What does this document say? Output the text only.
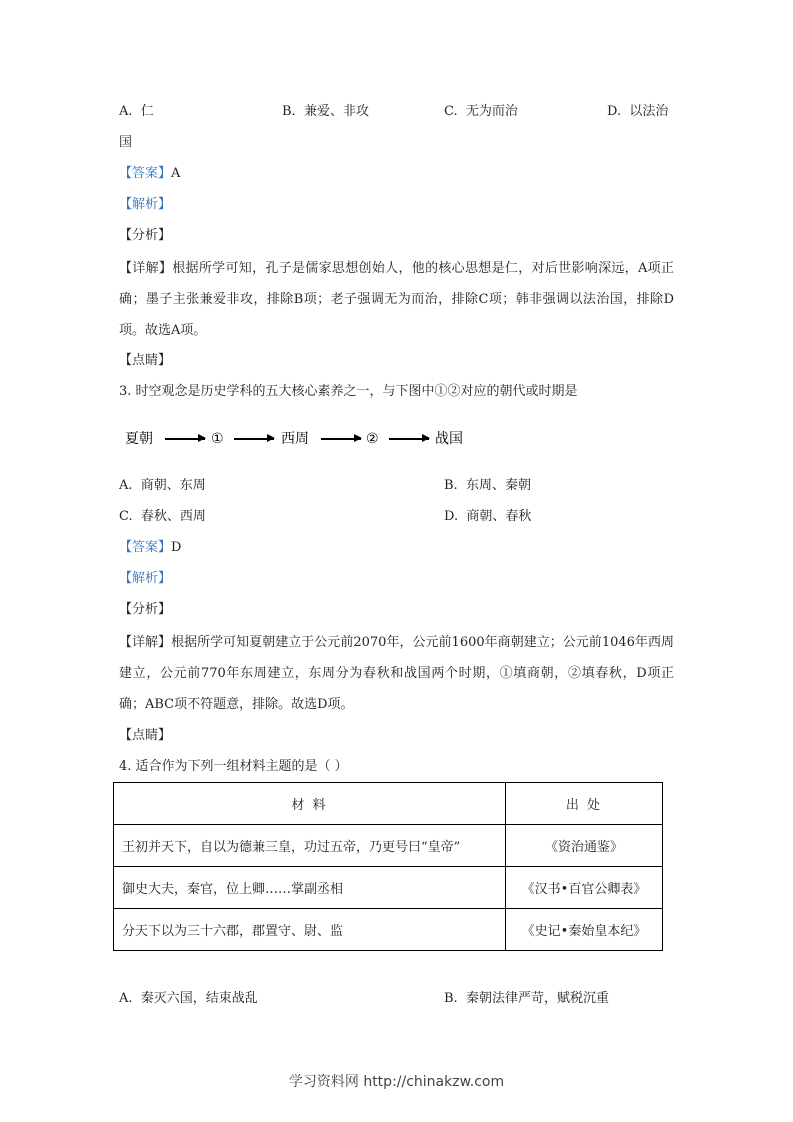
A. 仁	B. 兼爱、非攻	C. 无为而治	D. 以法治
国
【答案】A
【解析】
【分析】
【详解】根据所学可知，孔子是儒家思想创始人，他的核心思想是仁，对后世影响深远，A项正确；墨子主张兼爱非攻，排除B项；老子强调无为而治，排除C项；韩非强调以法治国，排除D项。故选A项。
【点睛】
3. 时空观念是历史学科的五大核心素养之一，与下图中①②对应的朝代或时期是
夏朝	①	西周	②	战国
A. 商朝、东周	B. 东周、秦朝
C. 春秋、西周	D. 商朝、春秋
【答案】D
【解析】
【分析】
【详解】根据所学可知夏朝建立于公元前2070年，公元前1600年商朝建立；公元前1046年西周建立，公元前770年东周建立，东周分为春秋和战国两个时期，①填商朝，②填春秋，D项正确；ABC项不符题意，排除。故选D项。
【点睛】
4. 适合作为下列一组材料主题的是（ ）
材 料	出 处
王初并天下，自以为德兼三皇，功过五帝，乃更号曰“皇帝”	《资治通鉴》
御史大夫，秦官，位上卿……掌副丞相	《汉书•百官公卿表》
分天下以为三十六郡，郡置守、尉、监	《史记•秦始皇本纪》
A. 秦灭六国，结束战乱	B. 秦朝法律严苛，赋税沉重
学习资料网 http://chinakzw.com
